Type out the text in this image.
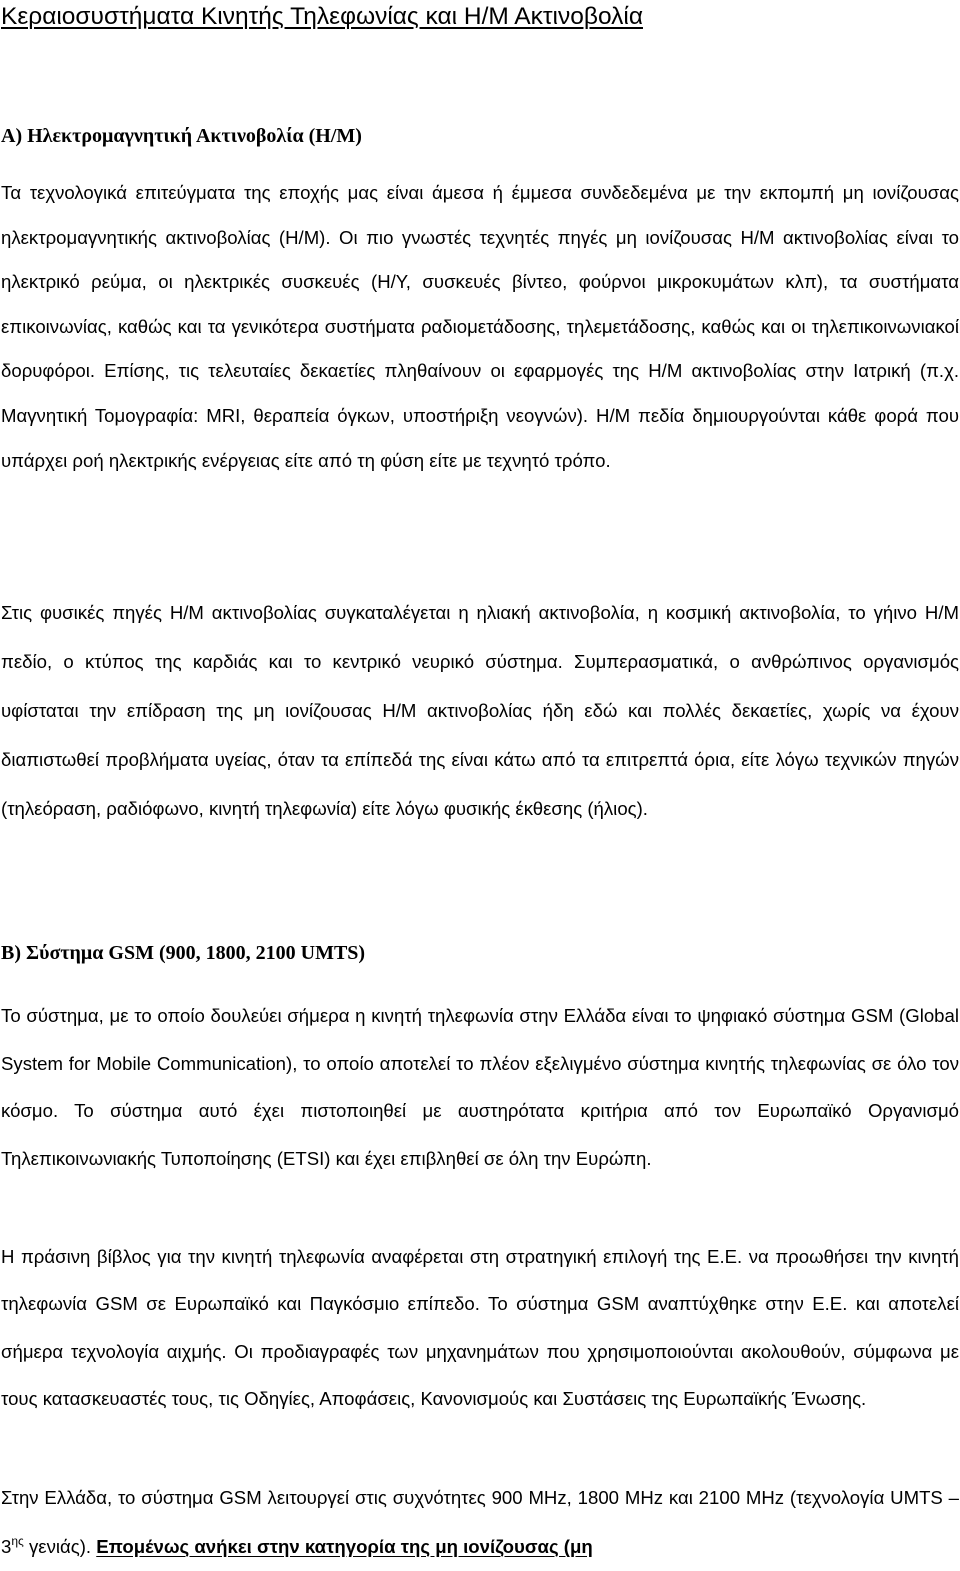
Κεραιοσυστήματα Κινητής Τηλεφωνίας και Η/Μ Ακτινοβολία
Α) Ηλεκτρομαγνητική Ακτινοβολία (Η/Μ)

Τα τεχνολογικά επιτεύγματα της εποχής μας είναι άμεσα ή έμμεσα συνδεδεμένα με την εκπομπή μη ιονίζουσας ηλεκτρομαγνητικής ακτινοβολίας (Η/Μ). Οι πιο γνωστές τεχνητές πηγές μη ιονίζουσας Η/Μ ακτινοβολίας είναι το ηλεκτρικό ρεύμα, οι ηλεκτρικές συσκευές (Η/Υ, συσκευές βίντεο, φούρνοι μικροκυμάτων κλπ), τα συστήματα επικοινωνίας, καθώς και τα γενικότερα συστήματα ραδιομετάδοσης, τηλεμετάδοσης, καθώς και οι τηλεπικοινωνιακοί δορυφόροι. Επίσης, τις τελευταίες δεκαετίες πληθαίνουν οι εφαρμογές της Η/Μ ακτινοβολίας στην Ιατρική (π.χ. Μαγνητική Τομογραφία: MRI, θεραπεία όγκων, υποστήριξη νεογνών). Η/Μ πεδία δημιουργούνται κάθε φορά που υπάρχει ροή ηλεκτρικής ενέργειας είτε από τη φύση είτε με τεχνητό τρόπο.

Στις φυσικές πηγές Η/Μ ακτινοβολίας συγκαταλέγεται η ηλιακή ακτινοβολία, η κοσμική ακτινοβολία, το γήινο Η/Μ πεδίο, ο κτύπος της καρδιάς και το κεντρικό νευρικό σύστημα. Συμπερασματικά, ο ανθρώπινος οργανισμός υφίσταται την επίδραση της μη ιονίζουσας Η/Μ ακτινοβολίας ήδη εδώ και πολλές δεκαετίες, χωρίς να έχουν διαπιστωθεί προβλήματα υγείας, όταν τα επίπεδά της είναι κάτω από τα επιτρεπτά όρια, είτε λόγω τεχνικών πηγών (τηλεόραση, ραδιόφωνο, κινητή τηλεφωνία) είτε λόγω φυσικής έκθεσης (ήλιος).

Β) Σύστημα GSM (900, 1800, 2100 UMTS)

Το σύστημα, με το οποίο δουλεύει σήμερα η κινητή τηλεφωνία στην Ελλάδα είναι το ψηφιακό σύστημα GSM (Global System for Mobile Communication), το οποίο αποτελεί το πλέον εξελιγμένο σύστημα κινητής τηλεφωνίας σε όλο τον κόσμο. Το σύστημα αυτό έχει πιστοποιηθεί με αυστηρότατα κριτήρια από τον Ευρωπαϊκό Οργανισμό Τηλεπικοινωνιακής Τυποποίησης (ETSI) και έχει επιβληθεί σε όλη την Ευρώπη.

Η πράσινη βίβλος για την κινητή τηλεφωνία αναφέρεται στη στρατηγική επιλογή της Ε.Ε. να προωθήσει την κινητή τηλεφωνία GSM σε Ευρωπαϊκό και Παγκόσμιο επίπεδο. Το σύστημα GSM αναπτύχθηκε στην Ε.Ε. και αποτελεί σήμερα τεχνολογία αιχμής. Οι προδιαγραφές των μηχανημάτων που χρησιμοποιούνται ακολουθούν, σύμφωνα με τους κατασκευαστές τους, τις Οδηγίες, Αποφάσεις, Κανονισμούς και Συστάσεις της Ευρωπαϊκής Ένωσης.

Στην Ελλάδα, το σύστημα GSM λειτουργεί στις συχνότητες 900 MHz, 1800 MHz και 2100 MHz (τεχνολογία UMTS – $3^{\eta\varsigma}$ γενιάς). Επομένως ανήκει στην κατηγορία της μη ιονίζουσας (μη
